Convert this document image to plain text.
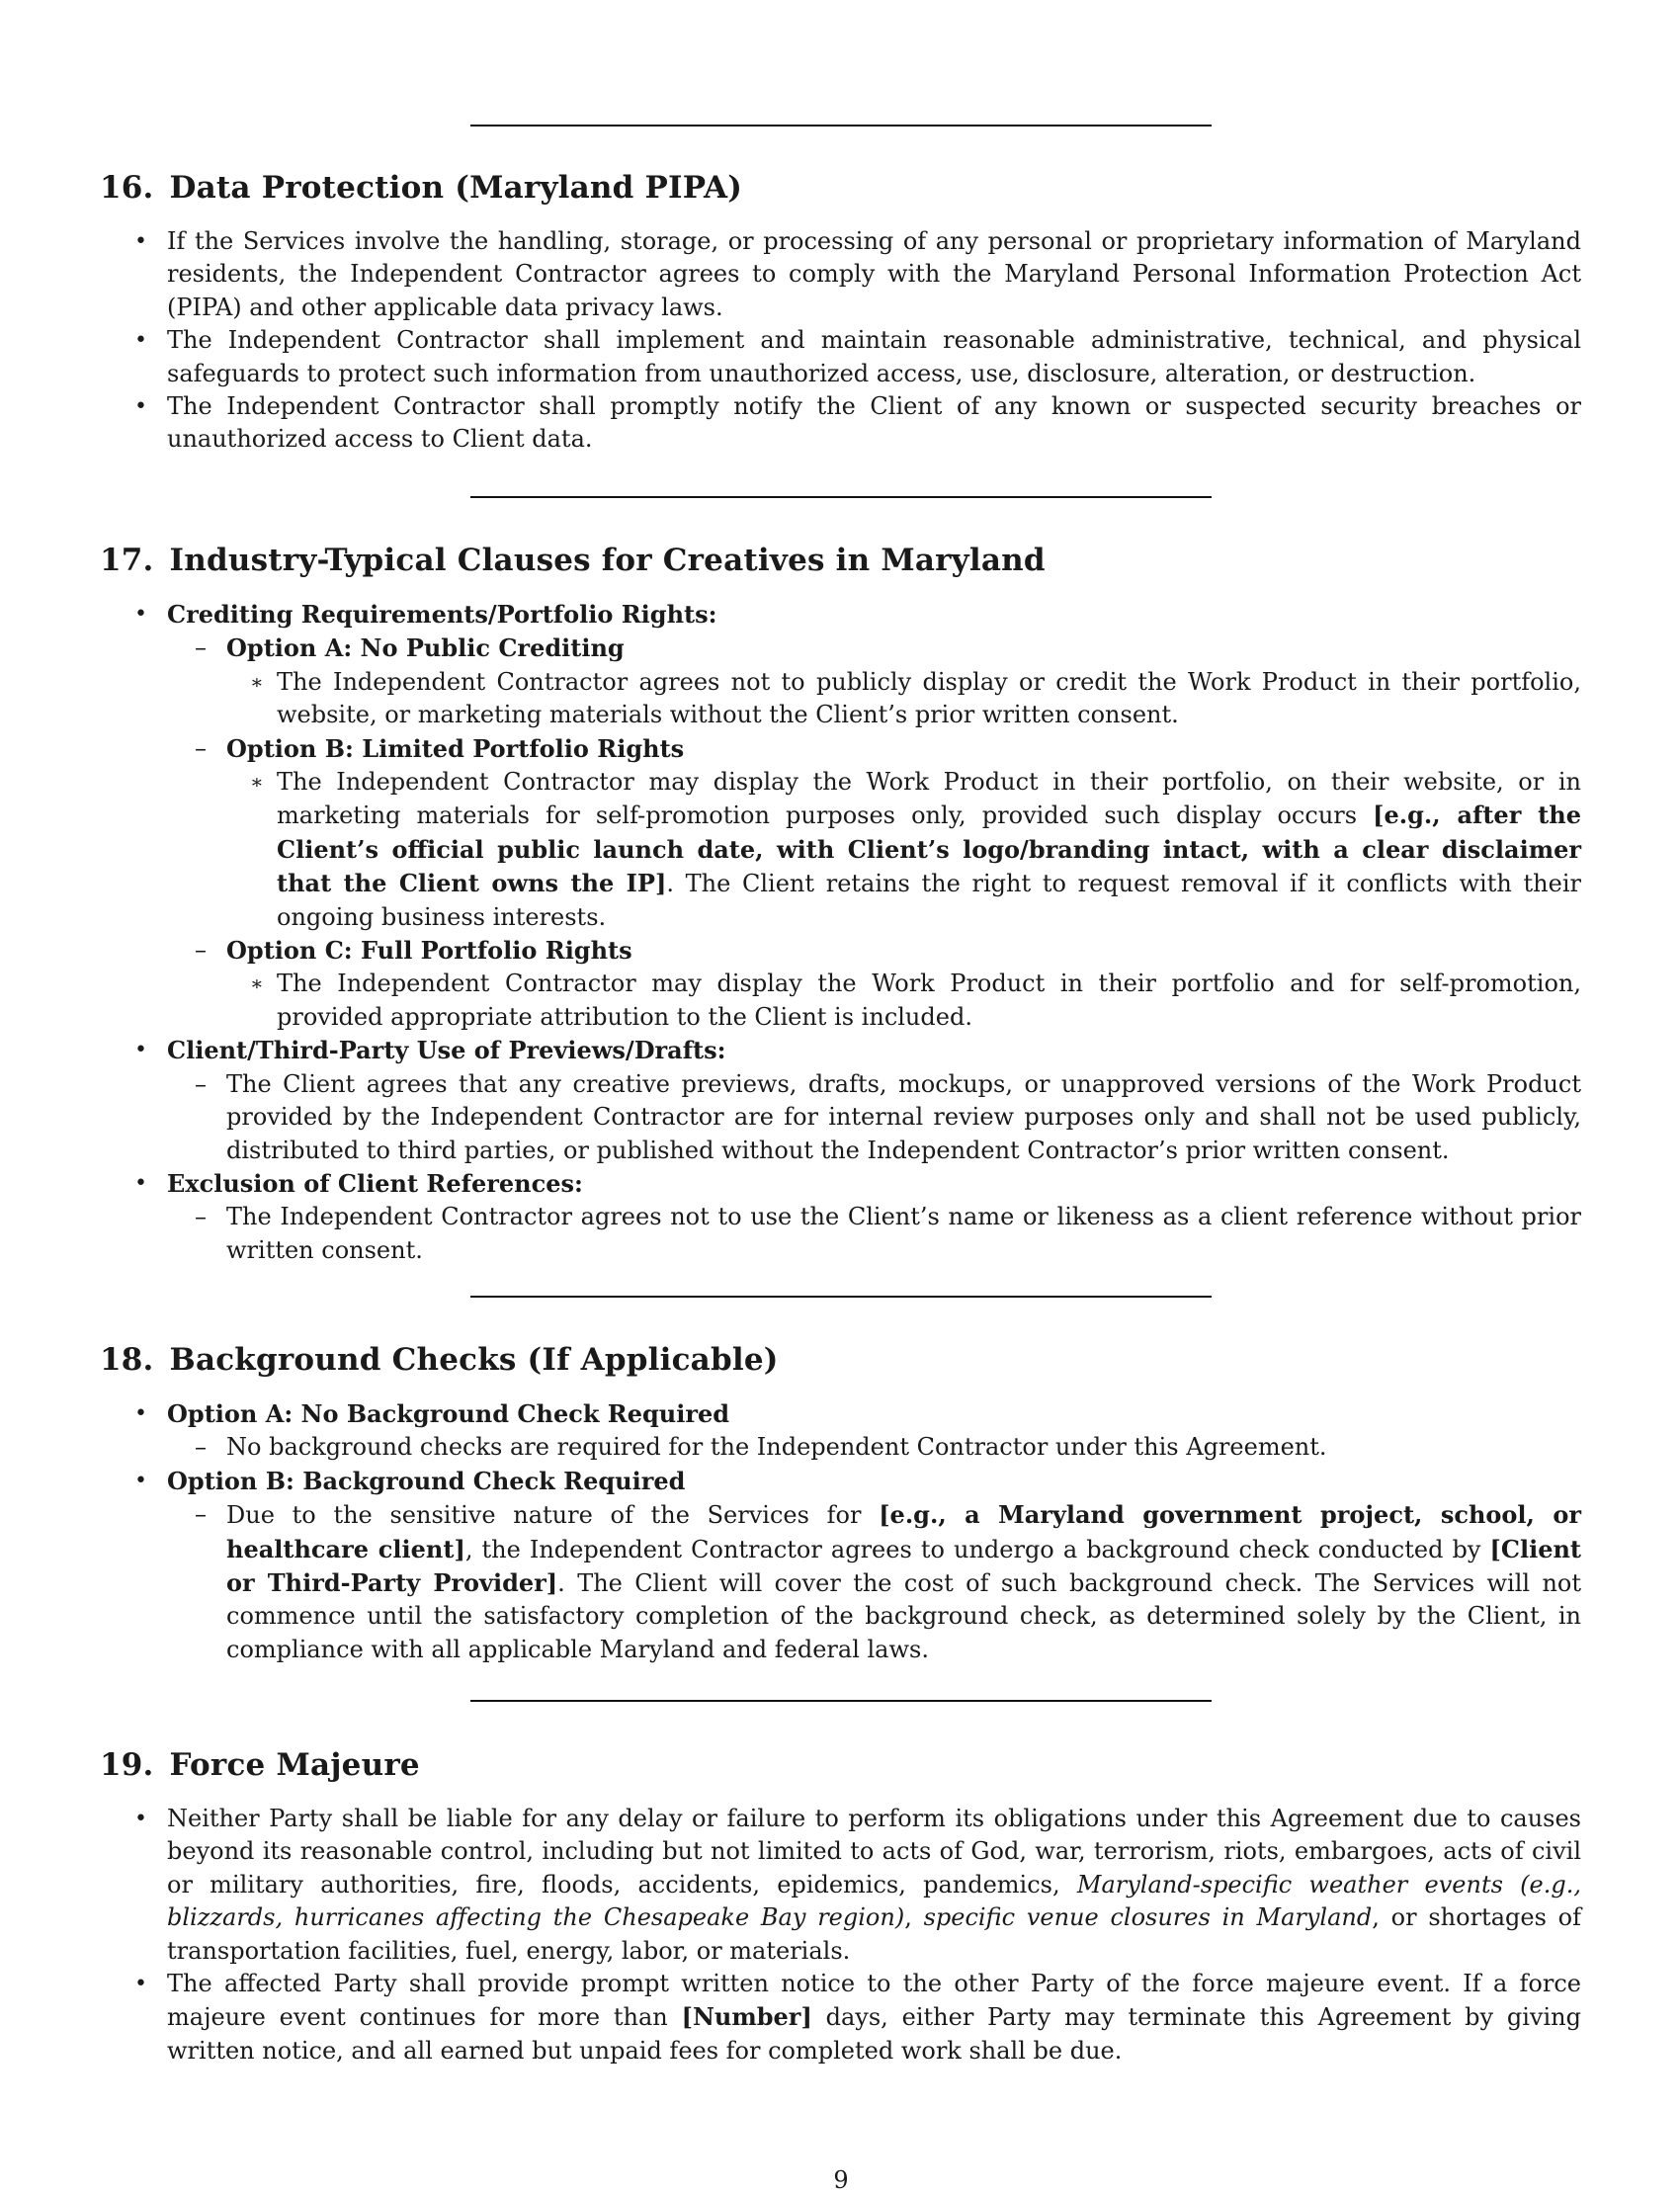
16. Data Protection (Maryland PIPA)
• If the Services involve the handling, storage, or processing of any personal or proprietary information of Maryland residents, the Independent Contractor agrees to comply with the Maryland Personal Information Protection Act (PIPA) and other applicable data privacy laws.
• The Independent Contractor shall implement and maintain reasonable administrative, technical, and physical safeguards to protect such information from unauthorized access, use, disclosure, alteration, or destruction.
• The Independent Contractor shall promptly notify the Client of any known or suspected security breaches or unauthorized access to Client data.
17. Industry-Typical Clauses for Creatives in Maryland
• Crediting Requirements/Portfolio Rights:
– Option A: No Public Crediting
∗ The Independent Contractor agrees not to publicly display or credit the Work Product in their portfolio, website, or marketing materials without the Client’s prior written consent.
– Option B: Limited Portfolio Rights
∗ The Independent Contractor may display the Work Product in their portfolio, on their website, or in marketing materials for self-promotion purposes only, provided such display occurs [e.g., after the Client’s official public launch date, with Client’s logo/branding intact, with a clear disclaimer that the Client owns the IP]. The Client retains the right to request removal if it conflicts with their ongoing business interests.
– Option C: Full Portfolio Rights
∗ The Independent Contractor may display the Work Product in their portfolio and for self-promotion, provided appropriate attribution to the Client is included.
• Client/Third-Party Use of Previews/Drafts:
– The Client agrees that any creative previews, drafts, mockups, or unapproved versions of the Work Product provided by the Independent Contractor are for internal review purposes only and shall not be used publicly, distributed to third parties, or published without the Independent Contractor’s prior written consent.
• Exclusion of Client References:
– The Independent Contractor agrees not to use the Client’s name or likeness as a client reference without prior written consent.
18. Background Checks (If Applicable)
• Option A: No Background Check Required
– No background checks are required for the Independent Contractor under this Agreement.
• Option B: Background Check Required
– Due to the sensitive nature of the Services for [e.g., a Maryland government project, school, or healthcare client], the Independent Contractor agrees to undergo a background check conducted by [Client or Third-Party Provider]. The Client will cover the cost of such background check. The Services will not commence until the satisfactory completion of the background check, as determined solely by the Client, in compliance with all applicable Maryland and federal laws.
19. Force Majeure
• Neither Party shall be liable for any delay or failure to perform its obligations under this Agreement due to causes beyond its reasonable control, including but not limited to acts of God, war, terrorism, riots, embargoes, acts of civil or military authorities, fire, floods, accidents, epidemics, pandemics, Maryland-specific weather events (e.g., blizzards, hurricanes affecting the Chesapeake Bay region), specific venue closures in Maryland, or shortages of transportation facilities, fuel, energy, labor, or materials.
• The affected Party shall provide prompt written notice to the other Party of the force majeure event. If a force majeure event continues for more than [Number] days, either Party may terminate this Agreement by giving written notice, and all earned but unpaid fees for completed work shall be due.
9
